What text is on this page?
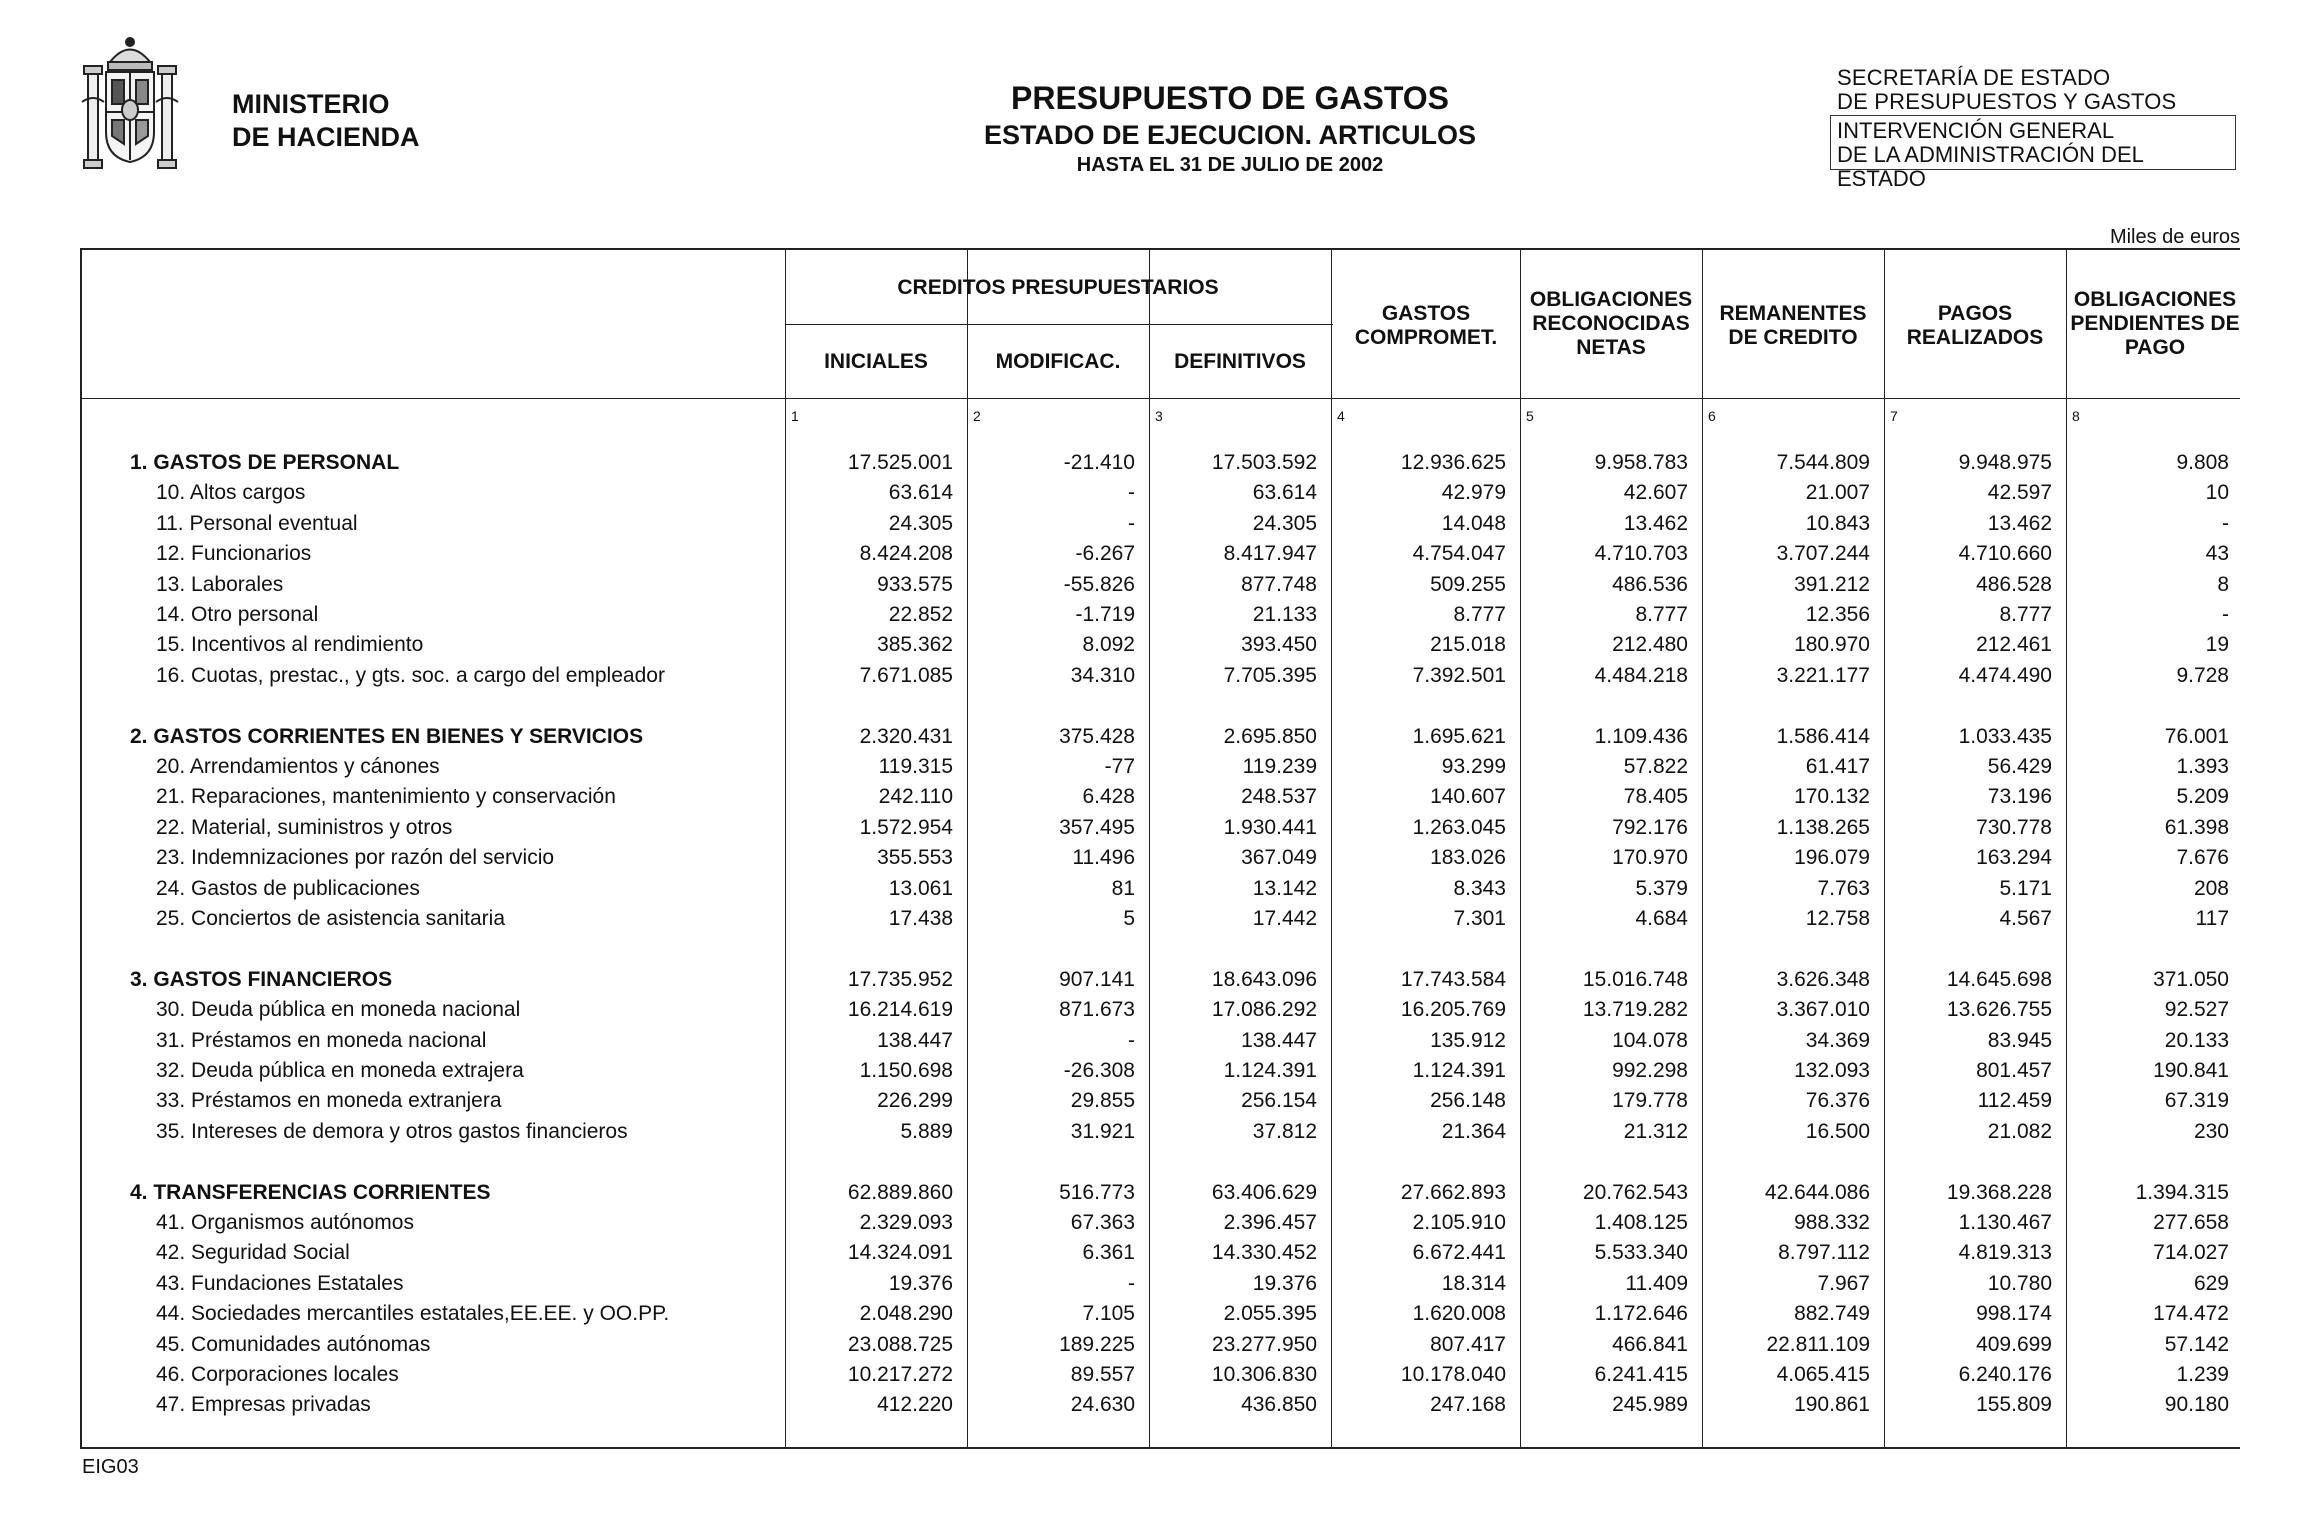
MINISTERIO
DE HACIENDA
PRESUPUESTO DE GASTOS
ESTADO DE EJECUCION. ARTICULOS
HASTA EL 31 DE JULIO DE 2002
SECRETARÍA DE ESTADO
DE PRESUPUESTOS Y GASTOS
INTERVENCIÓN GENERAL
DE LA ADMINISTRACIÓN DEL ESTADO
Miles de euros
CREDITOS PRESUPUESTARIOS
INICIALES	MODIFICAC.	DEFINITIVOS
GASTOS COMPROMET.
OBLIGACIONES RECONOCIDAS NETAS
REMANENTES DE CREDITO
PAGOS REALIZADOS
OBLIGACIONES PENDIENTES DE PAGO
1	2	3	4	5	6	7	8
1. GASTOS DE PERSONAL	17.525.001	-21.410	17.503.592	12.936.625	9.958.783	7.544.809	9.948.975	9.808
10. Altos cargos	63.614	-	63.614	42.979	42.607	21.007	42.597	10
11. Personal eventual	24.305	-	24.305	14.048	13.462	10.843	13.462	-
12. Funcionarios	8.424.208	-6.267	8.417.947	4.754.047	4.710.703	3.707.244	4.710.660	43
13. Laborales	933.575	-55.826	877.748	509.255	486.536	391.212	486.528	8
14. Otro personal	22.852	-1.719	21.133	8.777	8.777	12.356	8.777	-
15. Incentivos al rendimiento	385.362	8.092	393.450	215.018	212.480	180.970	212.461	19
16. Cuotas, prestac., y gts. soc. a cargo del empleador	7.671.085	34.310	7.705.395	7.392.501	4.484.218	3.221.177	4.474.490	9.728
2. GASTOS CORRIENTES EN BIENES Y SERVICIOS	2.320.431	375.428	2.695.850	1.695.621	1.109.436	1.586.414	1.033.435	76.001
20. Arrendamientos y cánones	119.315	-77	119.239	93.299	57.822	61.417	56.429	1.393
21. Reparaciones, mantenimiento y conservación	242.110	6.428	248.537	140.607	78.405	170.132	73.196	5.209
22. Material, suministros y otros	1.572.954	357.495	1.930.441	1.263.045	792.176	1.138.265	730.778	61.398
23. Indemnizaciones por razón del servicio	355.553	11.496	367.049	183.026	170.970	196.079	163.294	7.676
24. Gastos de publicaciones	13.061	81	13.142	8.343	5.379	7.763	5.171	208
25. Conciertos de asistencia sanitaria	17.438	5	17.442	7.301	4.684	12.758	4.567	117
3. GASTOS FINANCIEROS	17.735.952	907.141	18.643.096	17.743.584	15.016.748	3.626.348	14.645.698	371.050
30. Deuda pública en moneda nacional	16.214.619	871.673	17.086.292	16.205.769	13.719.282	3.367.010	13.626.755	92.527
31. Préstamos en moneda nacional	138.447	-	138.447	135.912	104.078	34.369	83.945	20.133
32. Deuda pública en moneda extrajera	1.150.698	-26.308	1.124.391	1.124.391	992.298	132.093	801.457	190.841
33. Préstamos en moneda extranjera	226.299	29.855	256.154	256.148	179.778	76.376	112.459	67.319
35. Intereses de demora y otros gastos financieros	5.889	31.921	37.812	21.364	21.312	16.500	21.082	230
4. TRANSFERENCIAS CORRIENTES	62.889.860	516.773	63.406.629	27.662.893	20.762.543	42.644.086	19.368.228	1.394.315
41. Organismos autónomos	2.329.093	67.363	2.396.457	2.105.910	1.408.125	988.332	1.130.467	277.658
42. Seguridad Social	14.324.091	6.361	14.330.452	6.672.441	5.533.340	8.797.112	4.819.313	714.027
43. Fundaciones Estatales	19.376	-	19.376	18.314	11.409	7.967	10.780	629
44. Sociedades mercantiles estatales,EE.EE. y OO.PP.	2.048.290	7.105	2.055.395	1.620.008	1.172.646	882.749	998.174	174.472
45. Comunidades autónomas	23.088.725	189.225	23.277.950	807.417	466.841	22.811.109	409.699	57.142
46. Corporaciones locales	10.217.272	89.557	10.306.830	10.178.040	6.241.415	4.065.415	6.240.176	1.239
47. Empresas privadas	412.220	24.630	436.850	247.168	245.989	190.861	155.809	90.180
EIG03
